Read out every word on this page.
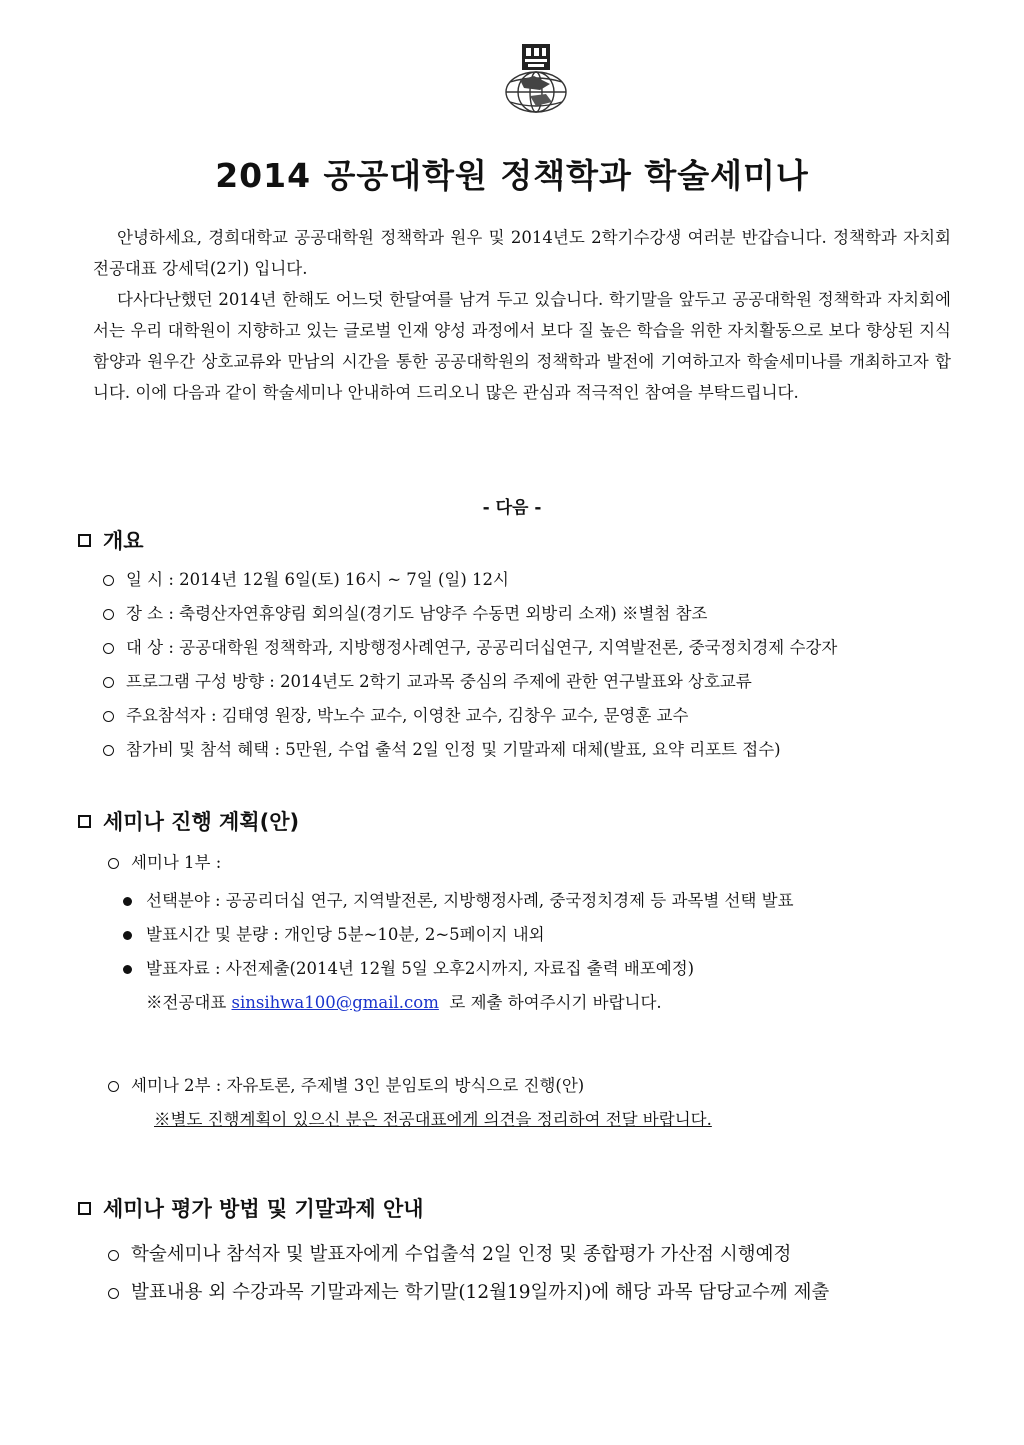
2014 공공대학원 정책학과 학술세미나

안녕하세요, 경희대학교 공공대학원 정책학과 원우 및 2014년도 2학기수강생 여러분 반갑습니다. 정책학과 자치회 전공대표 강세덕(2기) 입니다.

다사다난했던 2014년 한해도 어느덧 한달여를 남겨 두고 있습니다. 학기말을 앞두고 공공대학원 정책학과 자치회에서는 우리 대학원이 지향하고 있는 글로벌 인재 양성 과정에서 보다 질 높은 학습을 위한 자치활동으로 보다 향상된 지식함양과 원우간 상호교류와 만남의 시간을 통한 공공대학원의 정책학과 발전에 기여하고자 학술세미나를 개최하고자 합니다. 이에 다음과 같이 학술세미나 안내하여 드리오니 많은 관심과 적극적인 참여을 부탁드립니다.

- 다음 -
개요
일 시 : 2014년 12월 6일(토) 16시 ~ 7일 (일) 12시
장 소 : 축령산자연휴양림 회의실(경기도 남양주 수동면 외방리 소재) ※별첨 참조
대 상 : 공공대학원 정책학과, 지방행정사례연구, 공공리더십연구, 지역발전론, 중국정치경제 수강자
프로그램 구성 방향 : 2014년도 2학기 교과목 중심의 주제에 관한 연구발표와 상호교류
주요참석자 : 김태영 원장, 박노수 교수, 이영찬 교수, 김창우 교수, 문영훈 교수
참가비 및 참석 혜택 : 5만원, 수업 출석 2일 인정 및 기말과제 대체(발표, 요약 리포트 접수)
세미나 진행 계획(안)
세미나 1부 :
선택분야 : 공공리더십 연구, 지역발전론, 지방행정사례, 중국정치경제 등 과목별 선택 발표
발표시간 및 분량 : 개인당 5분~10분, 2~5페이지 내외
발표자료 : 사전제출(2014년 12월 5일 오후2시까지, 자료집 출력 배포예정)
※전공대표
sinsihwa100@gmail.com
로 제출 하여주시기 바랍니다.
세미나 2부 : 자유토론, 주제별 3인 분임토의 방식으로 진행(안)
※별도 진행계획이 있으신 분은 전공대표에게 의견을 정리하여 전달 바랍니다.
세미나 평가 방법 및 기말과제 안내
학술세미나 참석자 및 발표자에게 수업출석 2일 인정 및 종합평가 가산점 시행예정
발표내용 외 수강과목 기말과제는 학기말(12월19일까지)에 해당 과목 담당교수께 제출
